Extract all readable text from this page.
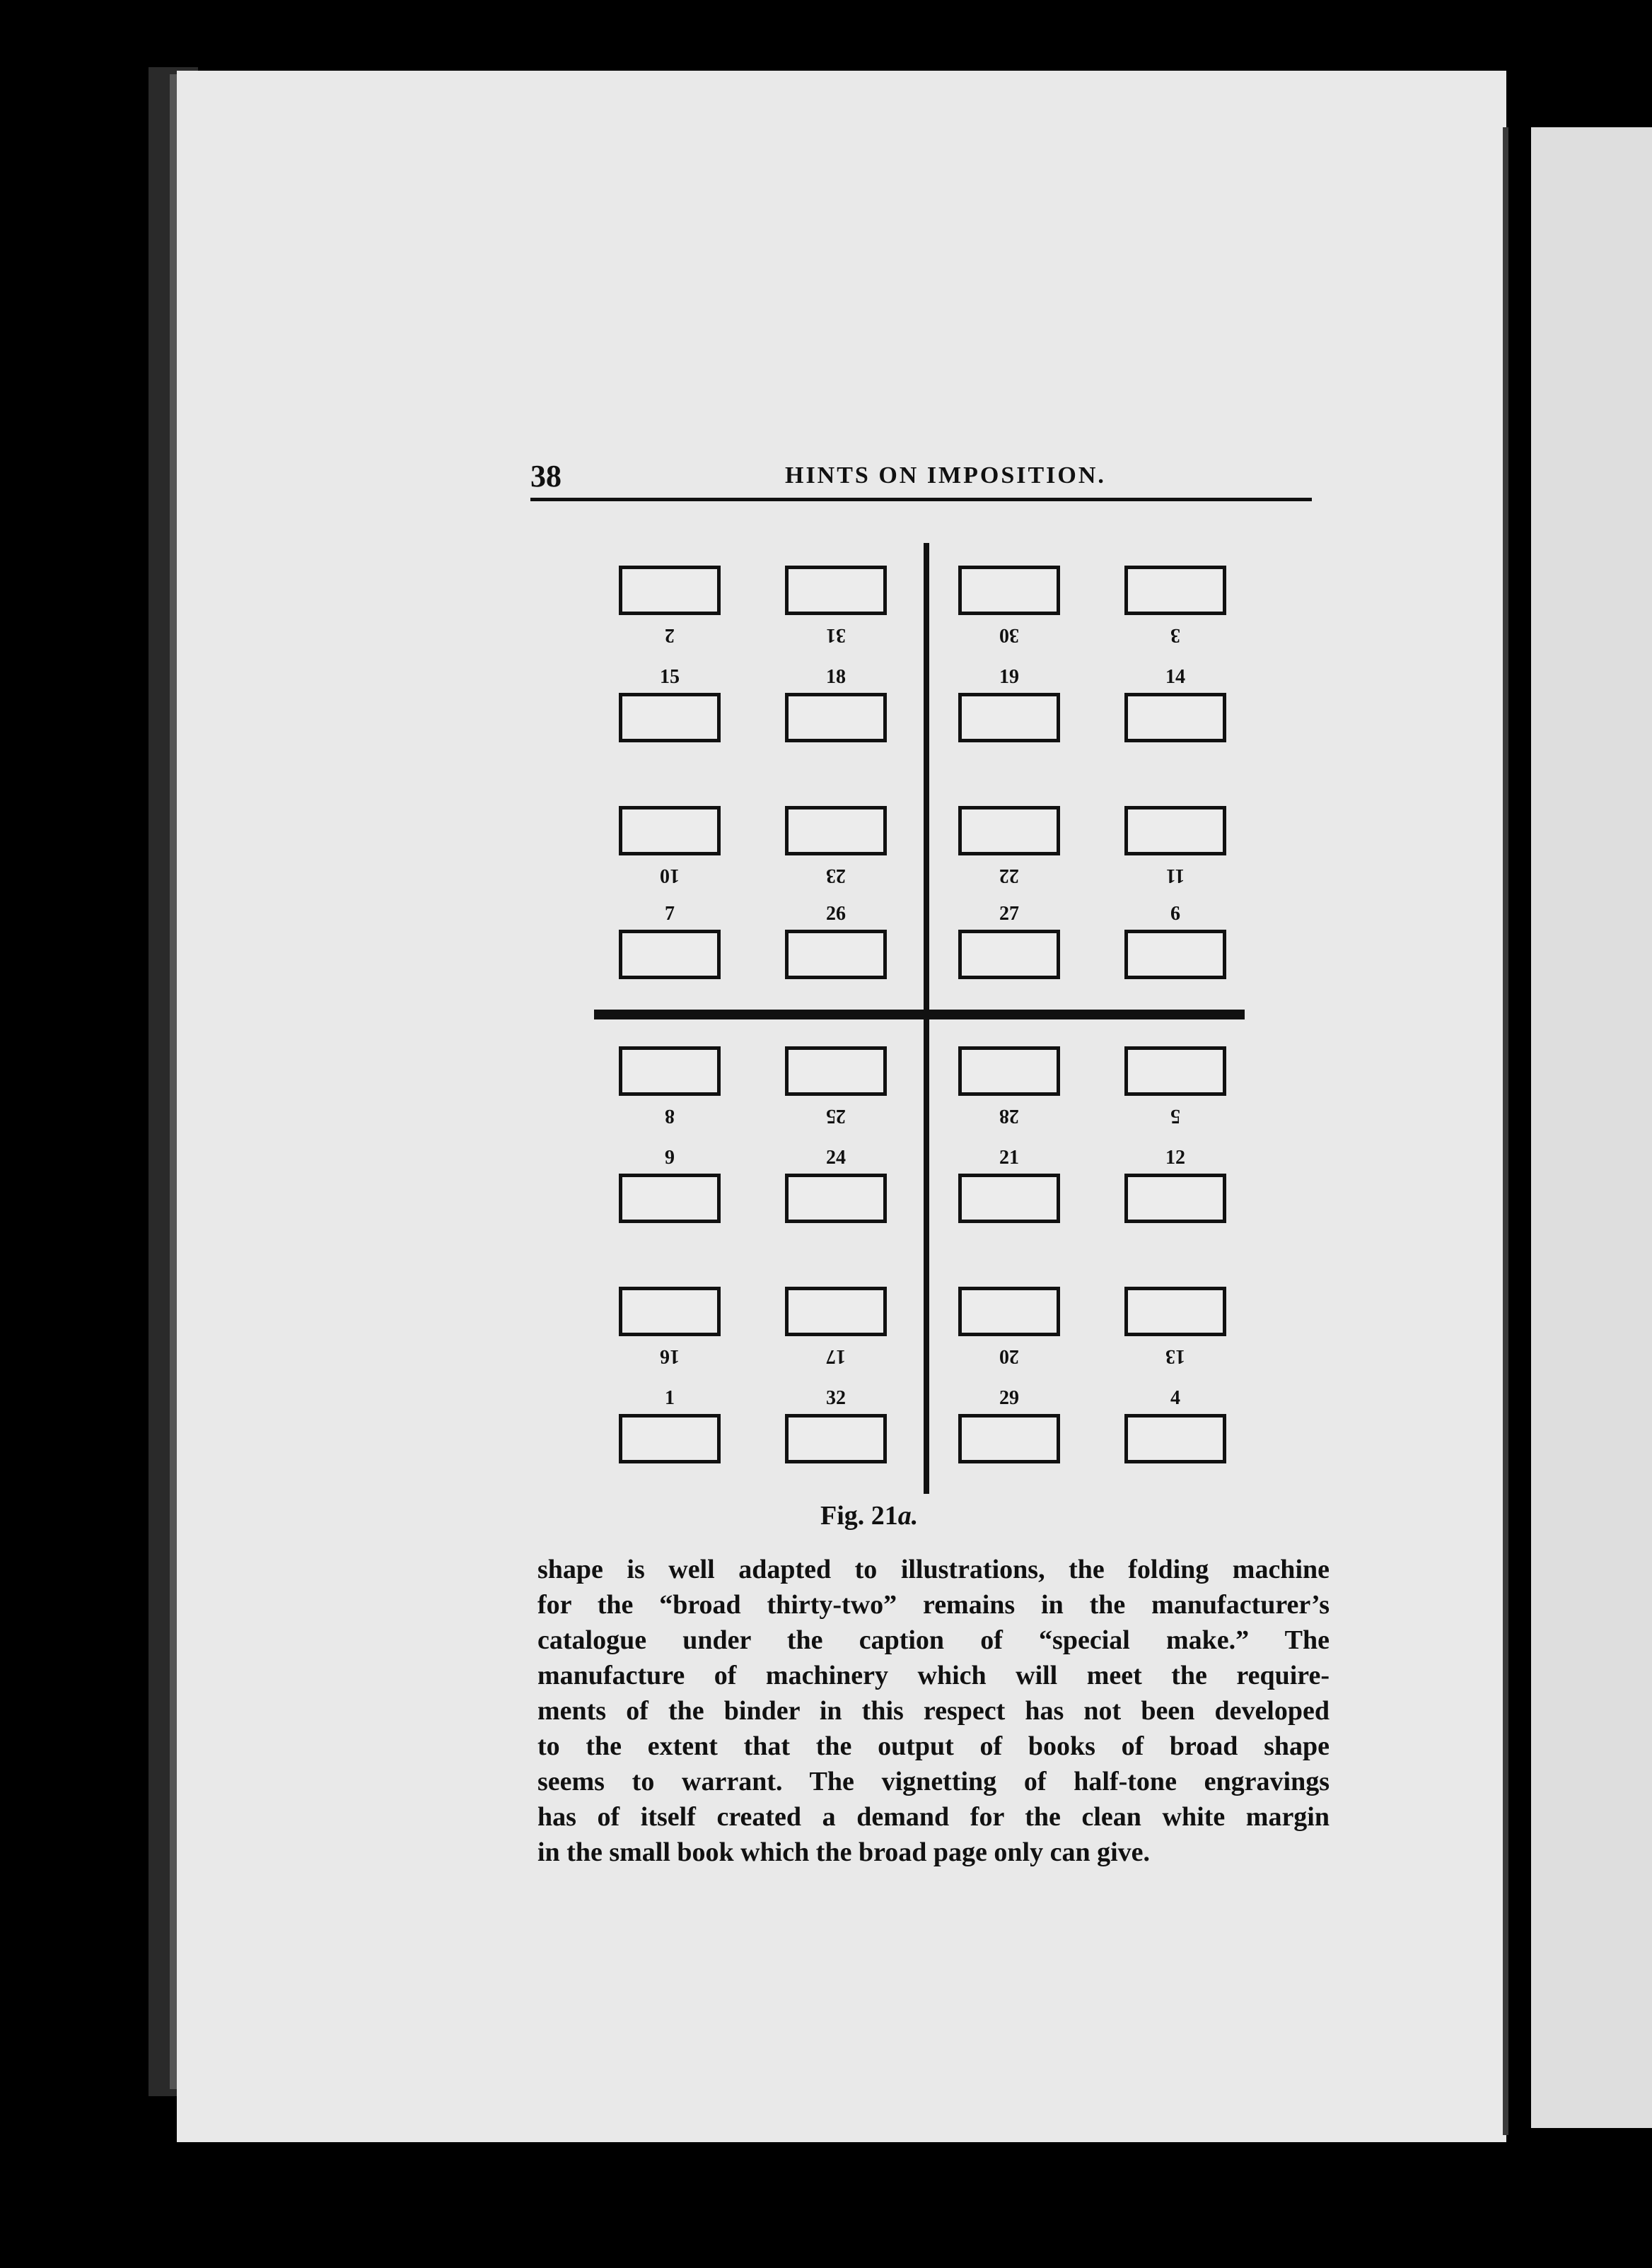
38	HINTS ON IMPOSITION.
2	31	30	3
15	18	19	14
10	23	22	11
7	26	27	6
8	25	28	5
9	24	21	12
16	17	20	13
1	32	29	4
Fig. 21a.
shape is well adapted to illustrations, the folding machine
for the “broad thirty-two” remains in the manufacturer’s
catalogue under the caption of “special make.” The
manufacture of machinery which will meet the require-
ments of the binder in this respect has not been developed
to the extent that the output of books of broad shape
seems to warrant. The vignetting of half-tone engravings
has of itself created a demand for the clean white margin
in the small book which the broad page only can give.
